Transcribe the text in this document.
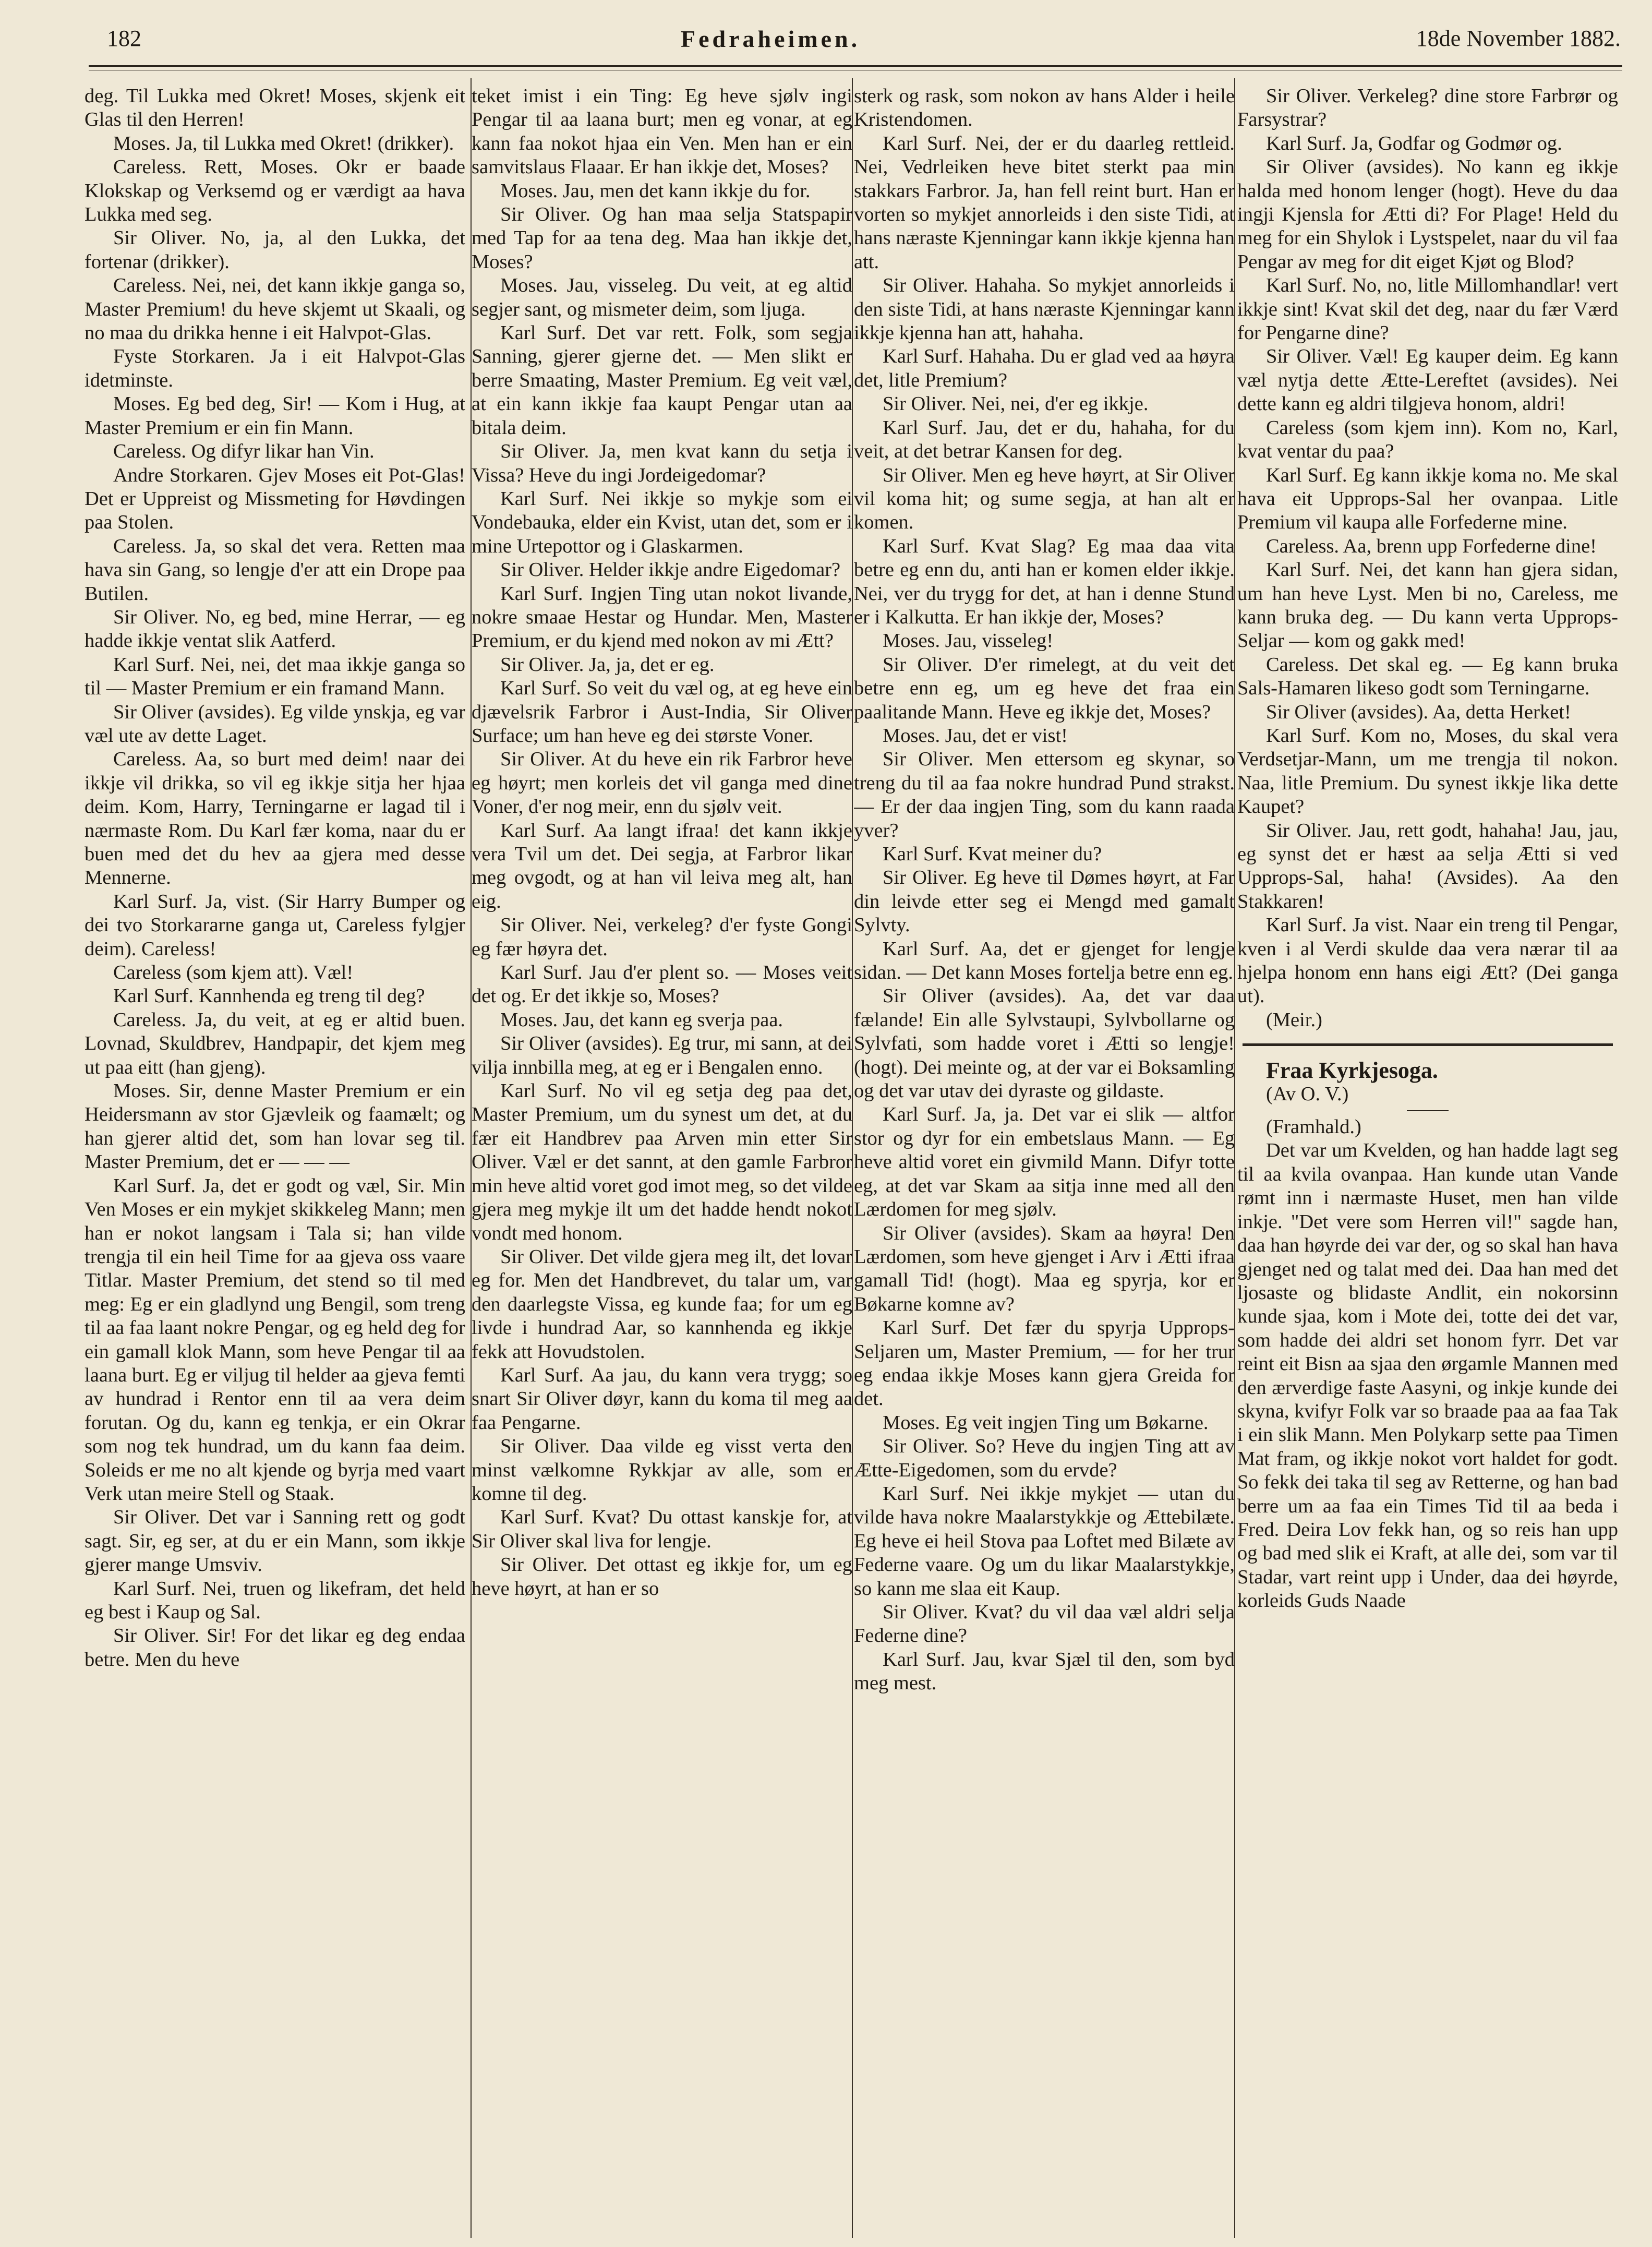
182	Fedraheimen.	18de November 1882.

deg. Til Lukka med Okret! Moses, skjenk eit Glas til den Herren!

Moses. Ja, til Lukka med Okret! (drikker).

Careless. Rett, Moses. Okr er baade Klokskap og Verksemd og er værdigt aa hava Lukka med seg.

Sir Oliver. No, ja, al den Lukka, det fortenar (drikker).

Careless. Nei, nei, det kann ikkje ganga so, Master Premium! du heve skjemt ut Skaali, og no maa du drikka henne i eit Halvpot-Glas.

Fyste Storkaren. Ja i eit Halvpot-Glas idetminste.

Moses. Eg bed deg, Sir! — Kom i Hug, at Master Premium er ein fin Mann.

Careless. Og difyr likar han Vin.

Andre Storkaren. Gjev Moses eit Pot-Glas! Det er Uppreist og Missmeting for Høvdingen paa Stolen.

Careless. Ja, so skal det vera. Retten maa hava sin Gang, so lengje d'er att ein Drope paa Butilen.

Sir Oliver. No, eg bed, mine Herrar, — eg hadde ikkje ventat slik Aatferd.

Karl Surf. Nei, nei, det maa ikkje ganga so til — Master Premium er ein framand Mann.

Sir Oliver (avsides). Eg vilde ynskja, eg var væl ute av dette Laget.

Careless. Aa, so burt med deim! naar dei ikkje vil drikka, so vil eg ikkje sitja her hjaa deim. Kom, Harry, Terningarne er lagad til i nærmaste Rom. Du Karl fær koma, naar du er buen med det du hev aa gjera med desse Mennerne.

Karl Surf. Ja, vist. (Sir Harry Bumper og dei tvo Storkararne ganga ut, Careless fylgjer deim). Careless!

Careless (som kjem att). Væl!

Karl Surf. Kannhenda eg treng til deg?

Careless. Ja, du veit, at eg er altid buen. Lovnad, Skuldbrev, Handpapir, det kjem meg ut paa eitt (han gjeng).

Moses. Sir, denne Master Premium er ein Heidersmann av stor Gjævleik og faamælt; og han gjerer altid det, som han lovar seg til. Master Premium, det er — — —

Karl Surf. Ja, det er godt og væl, Sir. Min Ven Moses er ein mykjet skikkeleg Mann; men han er nokot langsam i Tala si; han vilde trengja til ein heil Time for aa gjeva oss vaare Titlar. Master Premium, det stend so til med meg: Eg er ein gladlynd ung Bengil, som treng til aa faa laant nokre Pengar, og eg held deg for ein gamall klok Mann, som heve Pengar til aa laana burt. Eg er viljug til helder aa gjeva femti av hundrad i Rentor enn til aa vera deim forutan. Og du, kann eg tenkja, er ein Okrar som nog tek hundrad, um du kann faa deim. Soleids er me no alt kjende og byrja med vaart Verk utan meire Stell og Staak.

Sir Oliver. Det var i Sanning rett og godt sagt. Sir, eg ser, at du er ein Mann, som ikkje gjerer mange Umsviv.

Karl Surf. Nei, truen og likefram, det held eg best i Kaup og Sal.

Sir Oliver. Sir! For det likar eg deg endaa betre. Men du heve

teket imist i ein Ting: Eg heve sjølv ingi Pengar til aa laana burt; men eg vonar, at eg kann faa nokot hjaa ein Ven. Men han er ein samvitslaus Flaaar. Er han ikkje det, Moses?

Moses. Jau, men det kann ikkje du for.

Sir Oliver. Og han maa selja Statspapir med Tap for aa tena deg. Maa han ikkje det, Moses?

Moses. Jau, visseleg. Du veit, at eg altid segjer sant, og mismeter deim, som ljuga.

Karl Surf. Det var rett. Folk, som segja Sanning, gjerer gjerne det. — Men slikt er berre Smaating, Master Premium. Eg veit væl, at ein kann ikkje faa kaupt Pengar utan aa bitala deim.

Sir Oliver. Ja, men kvat kann du setja i Vissa? Heve du ingi Jordeigedomar?

Karl Surf. Nei ikkje so mykje som ei Vondebauka, elder ein Kvist, utan det, som er i mine Urtepottor og i Glaskarmen.

Sir Oliver. Helder ikkje andre Eigedomar?

Karl Surf. Ingjen Ting utan nokot livande, nokre smaae Hestar og Hundar. Men, Master Premium, er du kjend med nokon av mi Ætt?

Sir Oliver. Ja, ja, det er eg.

Karl Surf. So veit du væl og, at eg heve ein djævelsrik Farbror i Aust-India, Sir Oliver Surface; um han heve eg dei største Voner.

Sir Oliver. At du heve ein rik Farbror heve eg høyrt; men korleis det vil ganga med dine Voner, d'er nog meir, enn du sjølv veit.

Karl Surf. Aa langt ifraa! det kann ikkje vera Tvil um det. Dei segja, at Farbror likar meg ovgodt, og at han vil leiva meg alt, han eig.

Sir Oliver. Nei, verkeleg? d'er fyste Gongi eg fær høyra det.

Karl Surf. Jau d'er plent so. — Moses veit det og. Er det ikkje so, Moses?

Moses. Jau, det kann eg sverja paa.

Sir Oliver (avsides). Eg trur, mi sann, at dei vilja innbilla meg, at eg er i Bengalen enno.

Karl Surf. No vil eg setja deg paa det, Master Premium, um du synest um det, at du fær eit Handbrev paa Arven min etter Sir Oliver. Væl er det sannt, at den gamle Farbror min heve altid voret god imot meg, so det vilde gjera meg mykje ilt um det hadde hendt nokot vondt med honom.

Sir Oliver. Det vilde gjera meg ilt, det lovar eg for. Men det Handbrevet, du talar um, var den daarlegste Vissa, eg kunde faa; for um eg livde i hundrad Aar, so kannhenda eg ikkje fekk att Hovudstolen.

Karl Surf. Aa jau, du kann vera trygg; so snart Sir Oliver døyr, kann du koma til meg aa faa Pengarne.

Sir Oliver. Daa vilde eg visst verta den minst vælkomne Rykkjar av alle, som er komne til deg.

Karl Surf. Kvat? Du ottast kanskje for, at Sir Oliver skal liva for lengje.

Sir Oliver. Det ottast eg ikkje for, um eg heve høyrt, at han er so

sterk og rask, som nokon av hans Alder i heile Kristendomen.

Karl Surf. Nei, der er du daarleg rettleid. Nei, Vedrleiken heve bitet sterkt paa min stakkars Farbror. Ja, han fell reint burt. Han er vorten so mykjet annorleids i den siste Tidi, at hans næraste Kjenningar kann ikkje kjenna han att.

Sir Oliver. Hahaha. So mykjet annorleids i den siste Tidi, at hans næraste Kjenningar kann ikkje kjenna han att, hahaha.

Karl Surf. Hahaha. Du er glad ved aa høyra det, litle Premium?

Sir Oliver. Nei, nei, d'er eg ikkje.

Karl Surf. Jau, det er du, hahaha, for du veit, at det betrar Kansen for deg.

Sir Oliver. Men eg heve høyrt, at Sir Oliver vil koma hit; og sume segja, at han alt er komen.

Karl Surf. Kvat Slag? Eg maa daa vita betre eg enn du, anti han er komen elder ikkje. Nei, ver du trygg for det, at han i denne Stund er i Kalkutta. Er han ikkje der, Moses?

Moses. Jau, visseleg!

Sir Oliver. D'er rimelegt, at du veit det betre enn eg, um eg heve det fraa ein paalitande Mann. Heve eg ikkje det, Moses?

Moses. Jau, det er vist!

Sir Oliver. Men ettersom eg skynar, so treng du til aa faa nokre hundrad Pund strakst. — Er der daa ingjen Ting, som du kann raada yver?

Karl Surf. Kvat meiner du?

Sir Oliver. Eg heve til Dømes høyrt, at Far din leivde etter seg ei Mengd med gamalt Sylvty.

Karl Surf. Aa, det er gjenget for lengje sidan. — Det kann Moses fortelja betre enn eg.

Sir Oliver (avsides). Aa, det var daa fælande! Ein alle Sylvstaupi, Sylvbollarne og Sylvfati, som hadde voret i Ætti so lengje! (hogt). Dei meinte og, at der var ei Boksamling og det var utav dei dyraste og gildaste.

Karl Surf. Ja, ja. Det var ei slik — altfor stor og dyr for ein embetslaus Mann. — Eg heve altid voret ein givmild Mann. Difyr totte eg, at det var Skam aa sitja inne med all den Lærdomen for meg sjølv.

Sir Oliver (avsides). Skam aa høyra! Den Lærdomen, som heve gjenget i Arv i Ætti ifraa gamall Tid! (hogt). Maa eg spyrja, kor er Bøkarne komne av?

Karl Surf. Det fær du spyrja Upprops-Seljaren um, Master Premium, — for her trur eg endaa ikkje Moses kann gjera Greida for det.

Moses. Eg veit ingjen Ting um Bøkarne.

Sir Oliver. So? Heve du ingjen Ting att av Ætte-Eigedomen, som du ervde?

Karl Surf. Nei ikkje mykjet — utan du vilde hava nokre Maalarstykkje og Ættebilæte. Eg heve ei heil Stova paa Loftet med Bilæte av Federne vaare. Og um du likar Maalarstykkje, so kann me slaa eit Kaup.

Sir Oliver. Kvat? du vil daa væl aldri selja Federne dine?

Karl Surf. Jau, kvar Sjæl til den, som byd meg mest.

Sir Oliver. Verkeleg? dine store Farbrør og Farsystrar?

Karl Surf. Ja, Godfar og Godmør og.

Sir Oliver (avsides). No kann eg ikkje halda med honom lenger (hogt). Heve du daa ingji Kjensla for Ætti di? For Plage! Held du meg for ein Shylok i Lystspelet, naar du vil faa Pengar av meg for dit eiget Kjøt og Blod?

Karl Surf. No, no, litle Millomhandlar! vert ikkje sint! Kvat skil det deg, naar du fær Værd for Pengarne dine?

Sir Oliver. Væl! Eg kauper deim. Eg kann væl nytja dette Ætte-Lereftet (avsides). Nei dette kann eg aldri tilgjeva honom, aldri!

Careless (som kjem inn). Kom no, Karl, kvat ventar du paa?

Karl Surf. Eg kann ikkje koma no. Me skal hava eit Upprops-Sal her ovanpaa. Litle Premium vil kaupa alle Forfederne mine.

Careless. Aa, brenn upp Forfederne dine!

Karl Surf. Nei, det kann han gjera sidan, um han heve Lyst. Men bi no, Careless, me kann bruka deg. — Du kann verta Upprops-Seljar — kom og gakk med!

Careless. Det skal eg. — Eg kann bruka Sals-Hamaren likeso godt som Terningarne.

Sir Oliver (avsides). Aa, detta Herket!

Karl Surf. Kom no, Moses, du skal vera Verdsetjar-Mann, um me trengja til nokon. Naa, litle Premium. Du synest ikkje lika dette Kaupet?

Sir Oliver. Jau, rett godt, hahaha! Jau, jau, eg synst det er hæst aa selja Ætti si ved Upprops-Sal, haha! (Avsides). Aa den Stakkaren!

Karl Surf. Ja vist. Naar ein treng til Pengar, kven i al Verdi skulde daa vera nærar til aa hjelpa honom enn hans eigi Ætt? (Dei ganga ut).

(Meir.)

Fraa Kyrkjesoga.

(Av O. V.)

(Framhald.)

Det var um Kvelden, og han hadde lagt seg til aa kvila ovanpaa. Han kunde utan Vande rømt inn i nærmaste Huset, men han vilde inkje. "Det vere som Herren vil!" sagde han, daa han høyrde dei var der, og so skal han hava gjenget ned og talat med dei. Daa han med det ljosaste og blidaste Andlit, ein nokorsinn kunde sjaa, kom i Mote dei, totte dei det var, som hadde dei aldri set honom fyrr. Det var reint eit Bisn aa sjaa den ørgamle Mannen med den ærverdige faste Aasyni, og inkje kunde dei skyna, kvifyr Folk var so braade paa aa faa Tak i ein slik Mann. Men Polykarp sette paa Timen Mat fram, og ikkje nokot vort haldet for godt. So fekk dei taka til seg av Retterne, og han bad berre um aa faa ein Times Tid til aa beda i Fred. Deira Lov fekk han, og so reis han upp og bad med slik ei Kraft, at alle dei, som var til Stadar, vart reint upp i Under, daa dei høyrde, korleids Guds Naade
